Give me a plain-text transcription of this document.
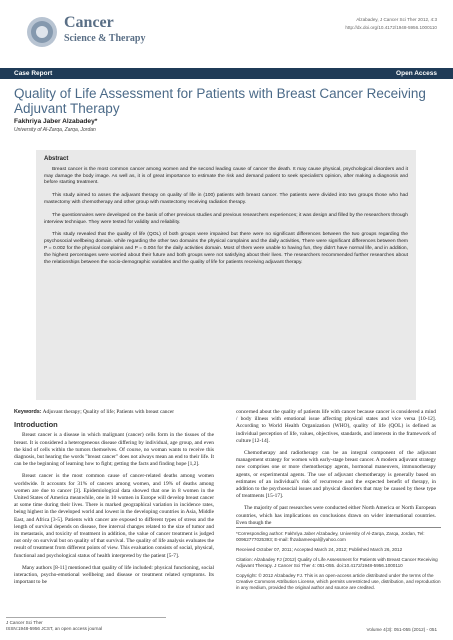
Cancer
Science & Therapy
Alzabadey, J Cancer Sci Ther 2012, 4:3
http://dx.doi.org/10.4172/1948-5956.1000110
Case Report	Open Access
Quality of Life Assessment for Patients with Breast Cancer Receiving Adjuvant Therapy
Fakhriya Jaber Alzabadey*
University of Al-Zarqa, Zarqa, Jordan
Abstract

Breast cancer is the most common cancer among women and the second leading cause of cancer the death. It may cause physical, psychological disorders and it may damage the body image. As well as, it is of great importance to estimate the risk and demand patient to seek specialist's opinion, after making a diagnosis and before starting treatment.

This study aimed to asses the adjuvant therapy on quality of life in (100) patients with breast cancer. The patients were divided into two groups those who had mastectomy with chemotherapy and other group with mastectomy receiving radiation therapy.

The questionnaires were developed on the basis of other previous studies and previous researchers experiences; it was design and filled by the researchers through interview technique. They were tested for validity and reliability.

This study revealed that the quality of life (QOL) of both groups were impaired but there were no significant differences between the two groups regarding the psychosocial wellbeing domain. while regarding the other two domains the physical complains and the daily activities, There were significant differences between them P = 0.002 for the physical complains and P = 0.004 for the daily activities domain. Most of them were unable to having fun, they didn't have normal life, and in addition, the highest percentages were worried about their future and both groups were not satisfying about their lives. The researchers recommended further researches about the relationships between the socio-demographic variables and the quality of life for patients receiving adjuvant therapy.

Keywords: Adjuvant therapy; Quality of life; Patients with breast cancer
Introduction

Breast cancer is a disease in which malignant (cancer) cells form in the tissues of the breast. It is considered a heterogeneous disease differing by individual, age group, and even the kind of cells within the tumors themselves. Of course, no woman wants to receive this diagnosis, but hearing the words "breast cancer" does not always mean an end to their life. It can be the beginning of learning how to fight; getting the facts and finding hope [1,2].

Breast cancer is the most common cause of cancer-related deaths among women worldwide. It accounts for 31% of cancers among women, and 19% of deaths among women are due to cancer [3]. Epidemiological data showed that one in 8 women in the United States of America meanwhile, one in 10 women in Europe will develop breast cancer at some time during their lives. There is marked geographical variation in incidence rates, being highest in the developed world and lowest in the developing countries in Asia, Middle East, and Africa [3-5]. Patients with cancer are exposed to different types of stress and the length of survival depends on disease, free interval changes related to the size of tumor and its metastasis, and toxicity of treatment in addition, the value of cancer treatment is judged not only on survival but on quality of that survival. The quality of life analysis evaluates the result of treatment from different points of view. This evaluation consists of social, physical, functional and psychological status of health interpreted by the patient [5-7].

Many authors [8-11] mentioned that quality of life included: physical functioning, social interaction, psycho-emotional wellbeing and disease or treatment related symptoms. Its important to be

concerned about the quality of patients life with cancer because cancer is considered a mind / body illness with emotional issue affecting physical states and vice versa [10-12]. According to World Health Organization (WHO), quality of life (QOL) is defined as individual perception of life, values, objectives, standards, and interests in the framework of culture [12-14].

Chemotherapy and radiotherapy can be an integral component of the adjuvant management strategy for women with early-stage breast cancer. A modern adjuvant strategy now comprises one or more chemotherapy agents, hormonal maneuvers, immunotherapy agents, or experimental agents. The use of adjuvant chemotherapy is generally based on estimates of an individual's risk of recurrence and the expected benefit of therapy, in addition to the psychosocial issues and physical disorders that may be caused by these type of treatments [15-17].

The majority of past researches were conducted either North America or North European countries, which has implications on conclusions drawn on wider international countries. Even though the

*Corresponding author: Fakhriya Jaber Alzabadey, University of Al-Zarqa, Zarqa, Jordan, Tel: 00962777025393; E-mail: fhzabameeqal@yahoo.com

Received October 07, 2011; Accepted March 24, 2012; Published March 26, 2012

Citation: Alzabadey FJ (2012) Quality of Life Assessment for Patients with Breast Cancer Receiving Adjuvant Therapy. J Cancer Sci Ther 4: 051-055. doi:10.4172/1948-5956.1000110

Copyright: © 2012 Alzabadey FJ. This is an open-access article distributed under the terms of the Creative Commons Attribution License, which permits unrestricted use, distribution, and reproduction in any medium, provided the original author and source are credited.

J Cancer Sci Ther
ISSN:1948-5956 JCST, an open access journal	Volume 4(3): 051-055 (2012) - 051
